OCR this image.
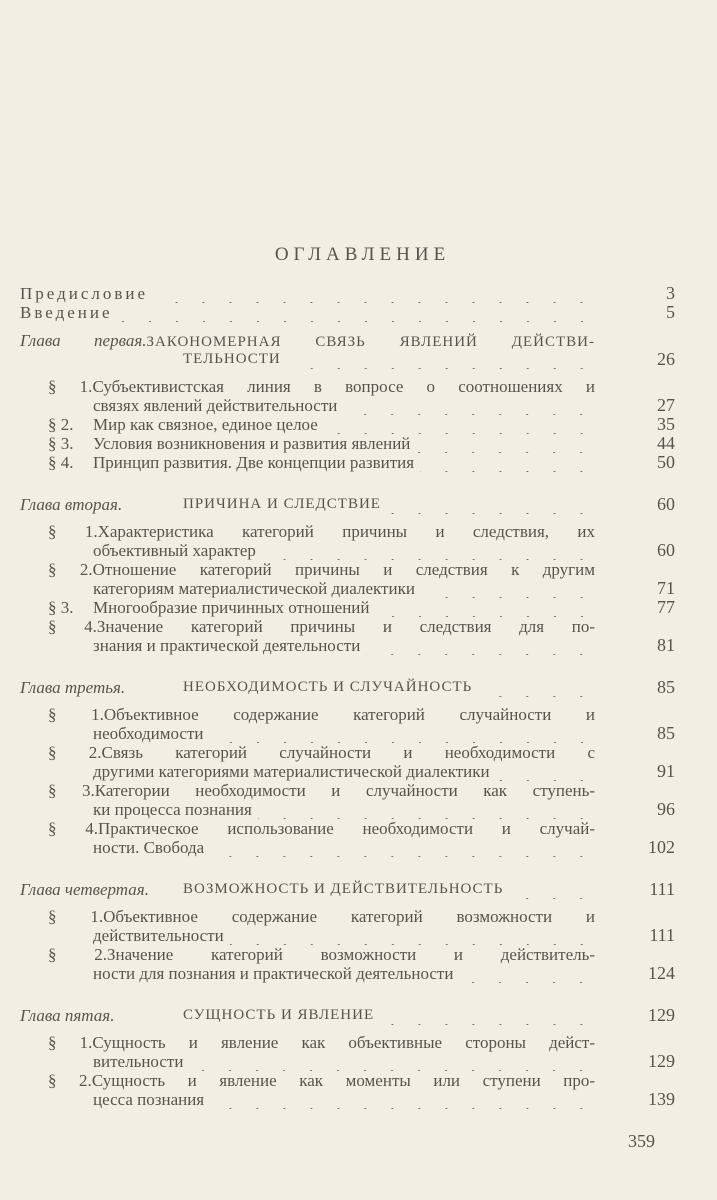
ОГЛАВЛЕНИЕ
Предисловие	3
Введение	5
Глава первая.ЗАКОНОМЕРНАЯ СВЯЗЬ ЯВЛЕНИЙ ДЕЙСТВИ-
ТЕЛЬНОСТИ	26
§ 1.Субъективистская линия в вопросе о соотношениях и
связях явлений действительности	27
§ 2.	Мир как связное, единое целое	35
§ 3.	Условия возникновения и развития явлений	44
§ 4.	Принцип развития. Две концепции развития	50
Глава вторая.	ПРИЧИНА И СЛЕДСТВИЕ	60
§ 1.Характеристика категорий причины и следствия, их
объективный характер	60
§ 2.Отношение категорий причины и следствия к другим
категориям материалистической диалектики	71
§ 3.	Многообразие причинных отношений	77
§ 4.Значение категорий причины и следствия для по-
знания и практической деятельности	81
Глава третья.	НЕОБХОДИМОСТЬ И СЛУЧАЙНОСТЬ	85
§ 1.Объективное содержание категорий случайности и
необходимости	85
§ 2.Связь категорий случайности и необходимости с
другими категориями материалистической диалектики	91
§ 3.Категории необходимости и случайности как ступень-
ки процесса познания	96
§ 4.Практическое использование необходимости и случай-
ности. Свобода	102
Глава четвертая.	ВОЗМОЖНОСТЬ И ДЕЙСТВИТЕЛЬНОСТЬ	111
§ 1.Объективное содержание категорий возможности и
действительности	111
§ 2.Значение категорий возможности и действитель-
ности для познания и практической деятельности	124
Глава пятая.	СУЩНОСТЬ И ЯВЛЕНИЕ	129
§ 1.Сущность и явление как объективные стороны дейст-
вительности	129
§ 2.Сущность и явление как моменты или ступени про-
цесса познания	139
359
